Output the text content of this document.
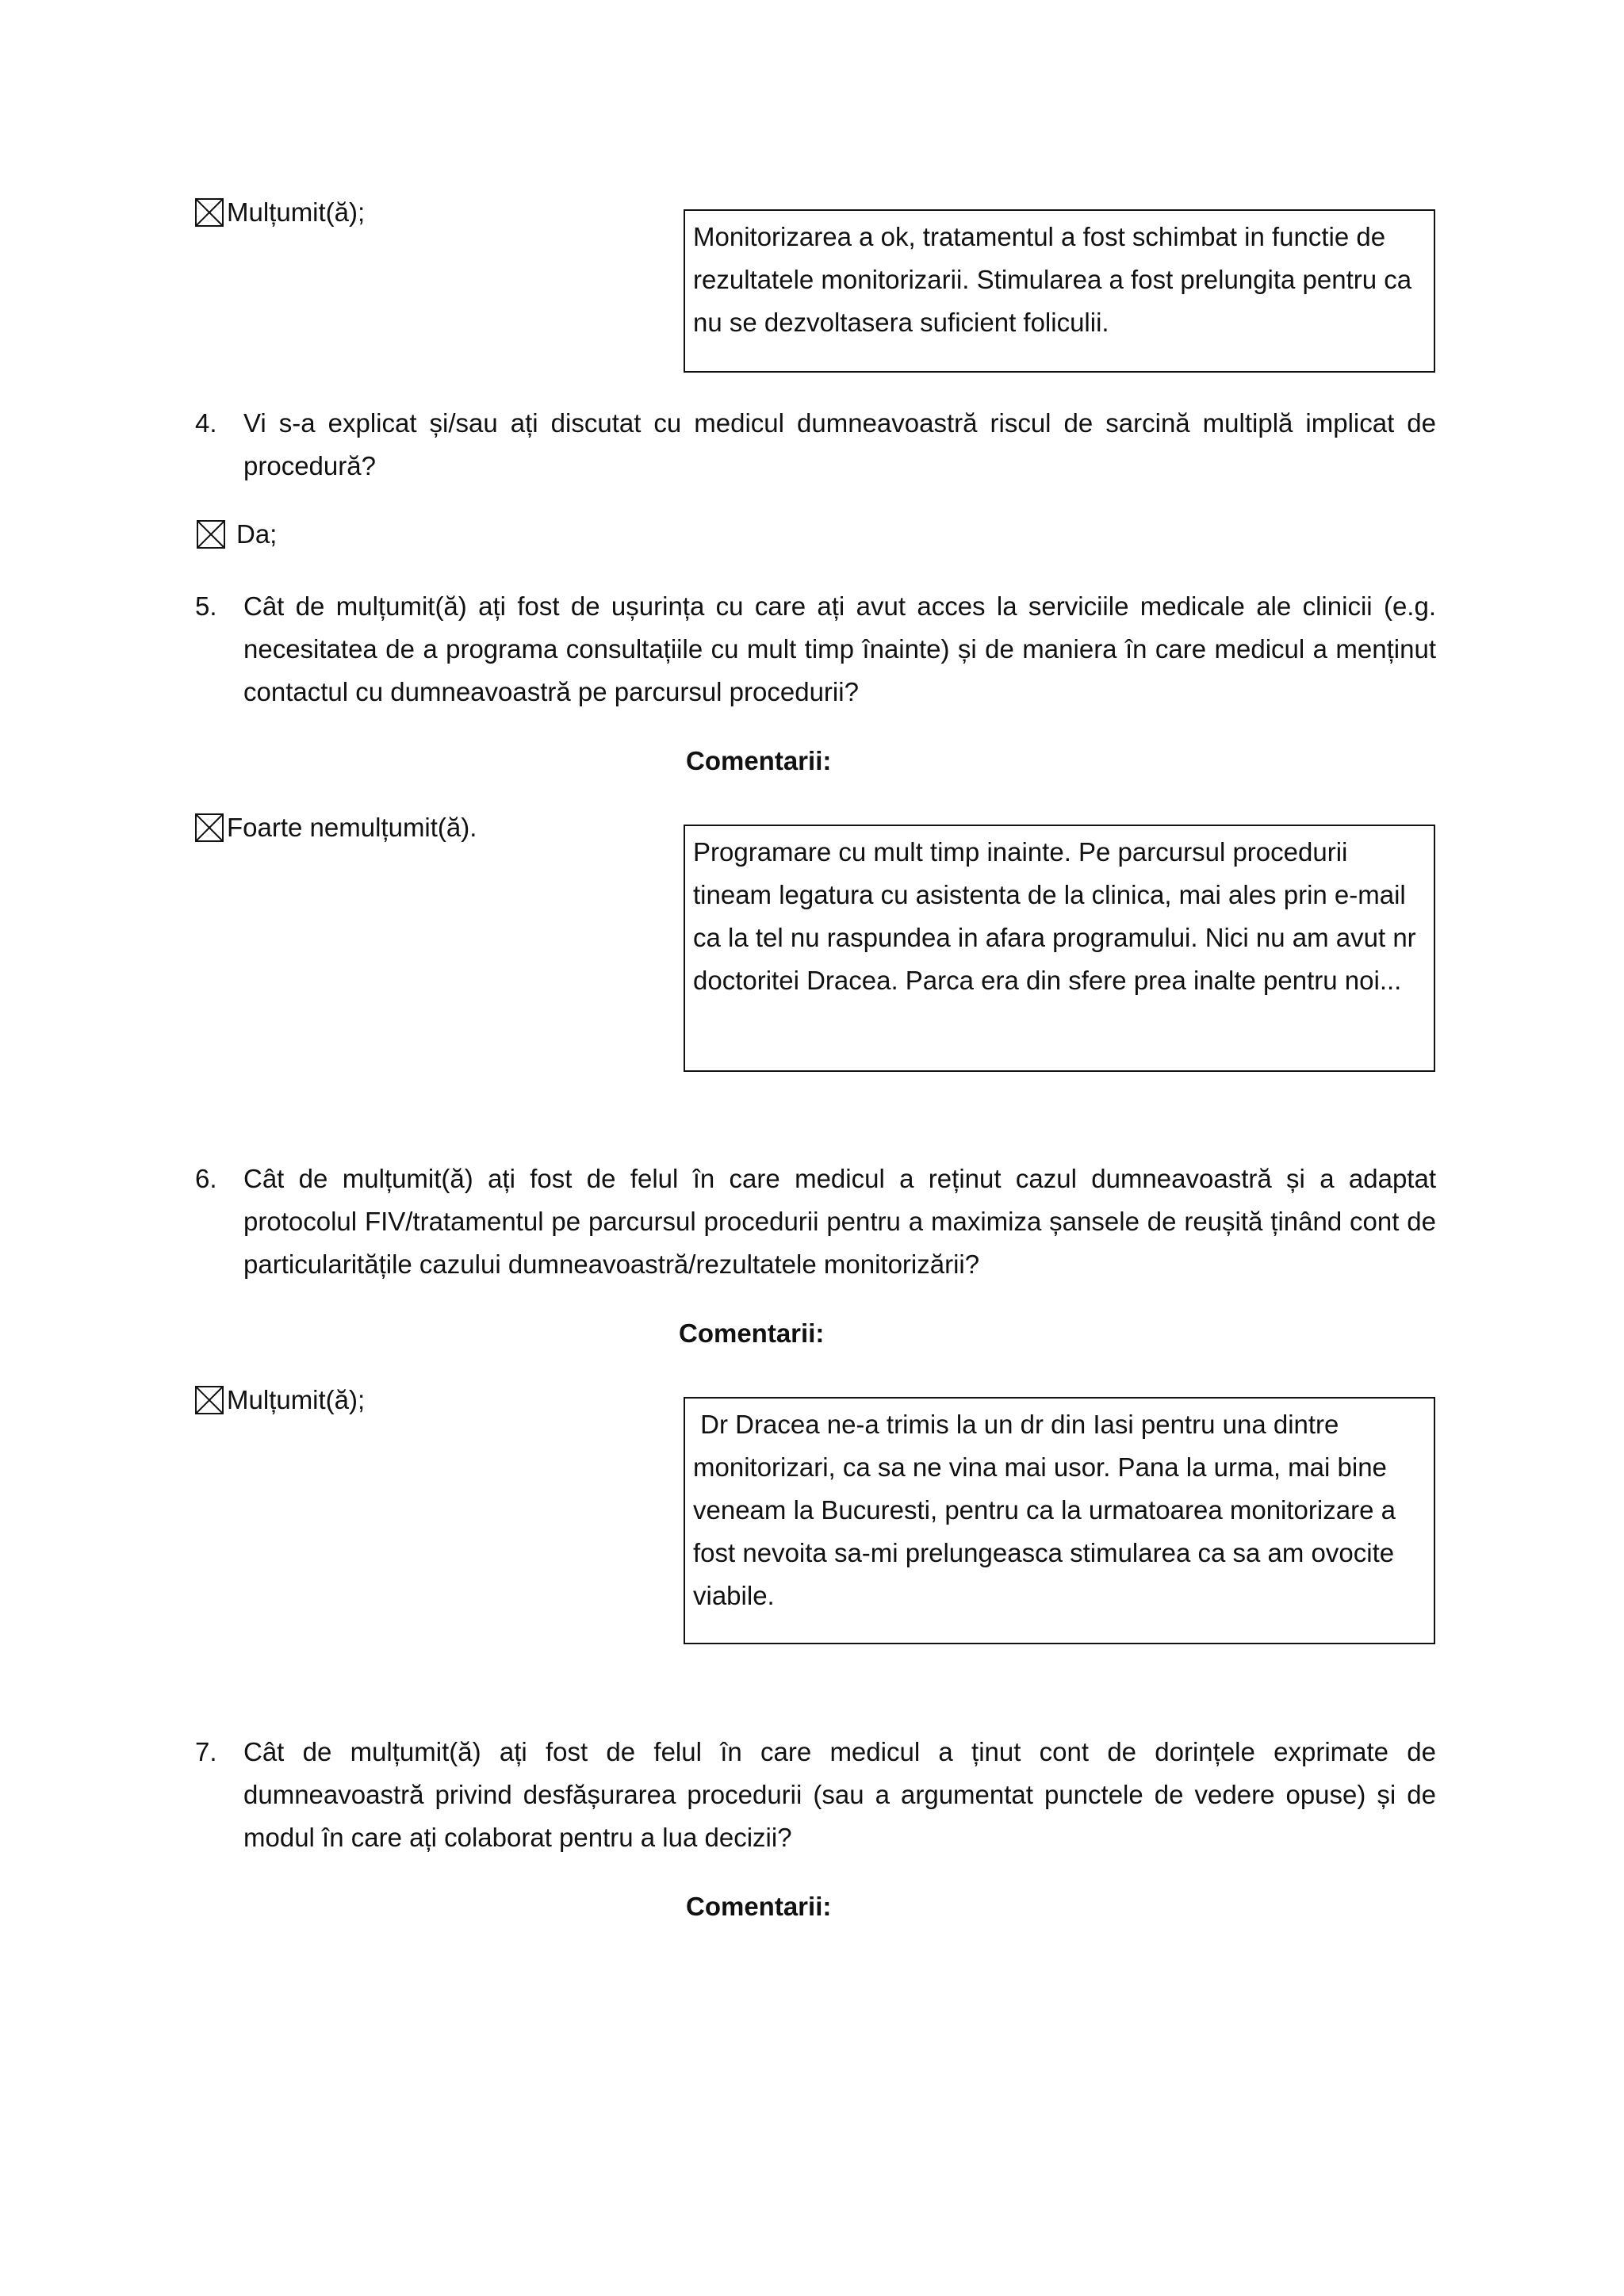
Mulțumit(ă);
Monitorizarea a ok, tratamentul a fost schimbat in functie de rezultatele monitorizarii. Stimularea a fost prelungita pentru ca nu se dezvoltasera suficient foliculii.
4. Vi s-a explicat și/sau ați discutat cu medicul dumneavoastră riscul de sarcină multiplă implicat de procedură?
Da;
5. Cât de mulțumit(ă) ați fost de ușurința cu care ați avut acces la serviciile medicale ale clinicii (e.g. necesitatea de a programa consultațiile cu mult timp înainte) și de maniera în care medicul a menținut contactul cu dumneavoastră pe parcursul procedurii?
Comentarii:
Foarte nemulțumit(ă).
Programare cu mult timp inainte. Pe parcursul procedurii tineam legatura cu asistenta de la clinica, mai ales prin e-mail ca la tel nu raspundea in afara programului. Nici nu am avut nr doctoritei Dracea. Parca era din sfere prea inalte pentru noi...
6. Cât de mulțumit(ă) ați fost de felul în care medicul a reținut cazul dumneavoastră și a adaptat protocolul FIV/tratamentul pe parcursul procedurii pentru a maximiza șansele de reușită ținând cont de particularitățile cazului dumneavoastră/rezultatele monitorizării?
Comentarii:
Mulțumit(ă);
Dr Dracea ne-a trimis la un dr din Iasi pentru una dintre monitorizari, ca sa ne vina mai usor. Pana la urma, mai bine veneam la Bucuresti, pentru ca la urmatoarea monitorizare a fost nevoita sa-mi prelungeasca stimularea ca sa am ovocite viabile.
7. Cât de mulțumit(ă) ați fost de felul în care medicul a ținut cont de dorințele exprimate de dumneavoastră privind desfășurarea procedurii (sau a argumentat punctele de vedere opuse) și de modul în care ați colaborat pentru a lua decizii?
Comentarii:
